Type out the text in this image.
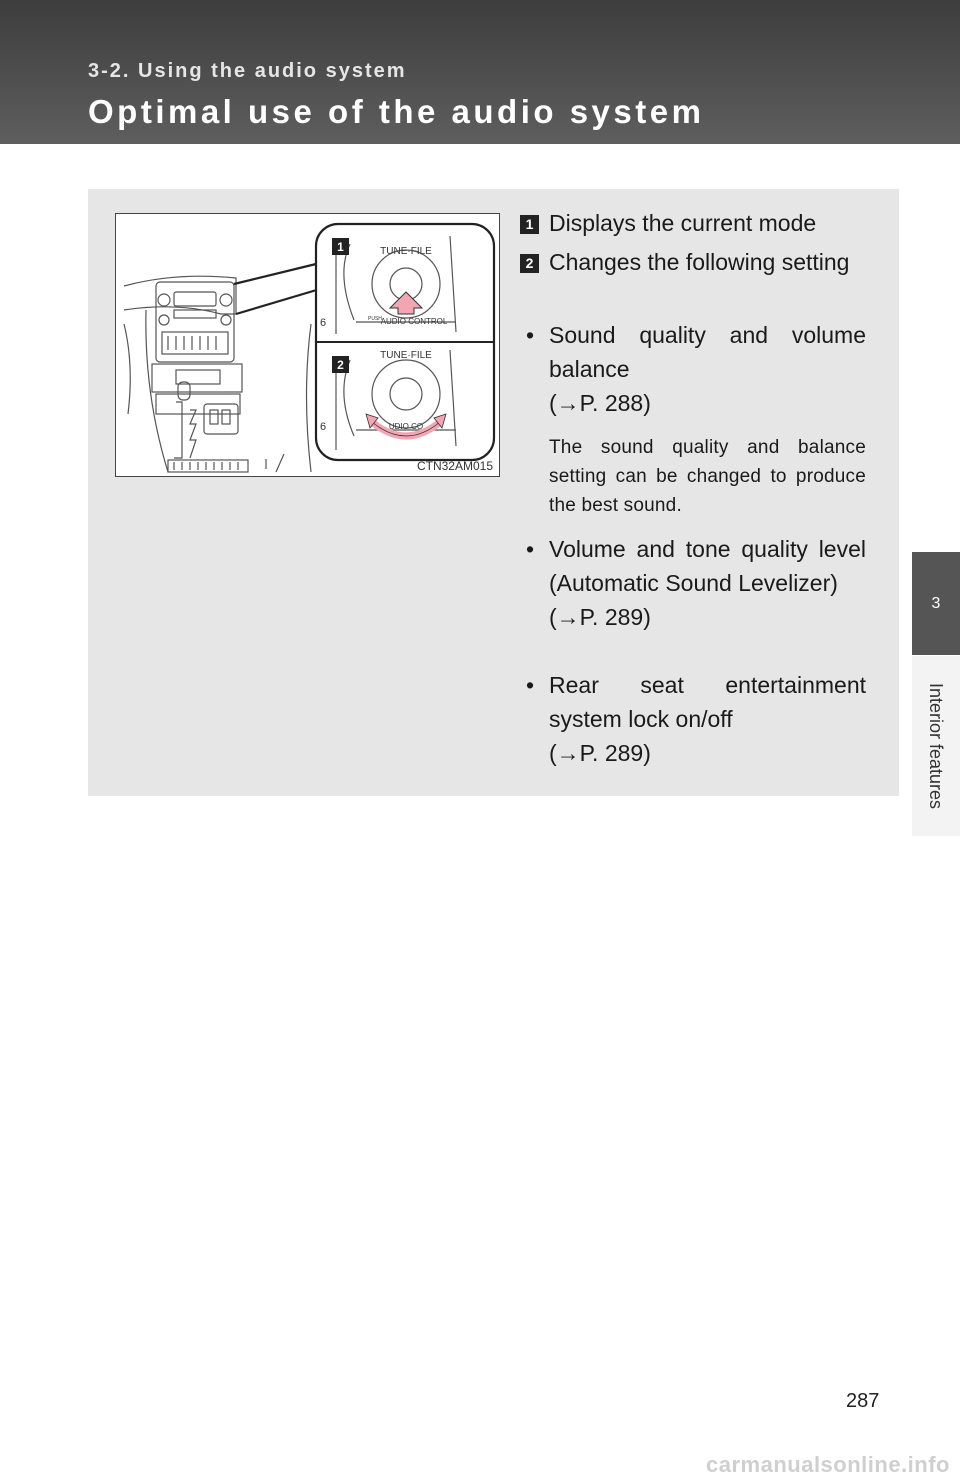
3-2. Using the audio system
Optimal use of the audio system
3
Interior features
1
2
TUNE·FILE
TUNE·FILE
PUSH
AUDIO CONTROL
UDIO CO
6
6
CTN32AM015
1 Displays the current mode
2 Changes the following setting
• Sound quality and volume balance
(→P. 288)
The sound quality and balance setting can be changed to produce the best sound.
• Volume and tone quality level (Automatic Sound Levelizer)
(→P. 289)
• Rear seat entertainment system lock on/off
(→P. 289)
287
carmanualsonline.info
